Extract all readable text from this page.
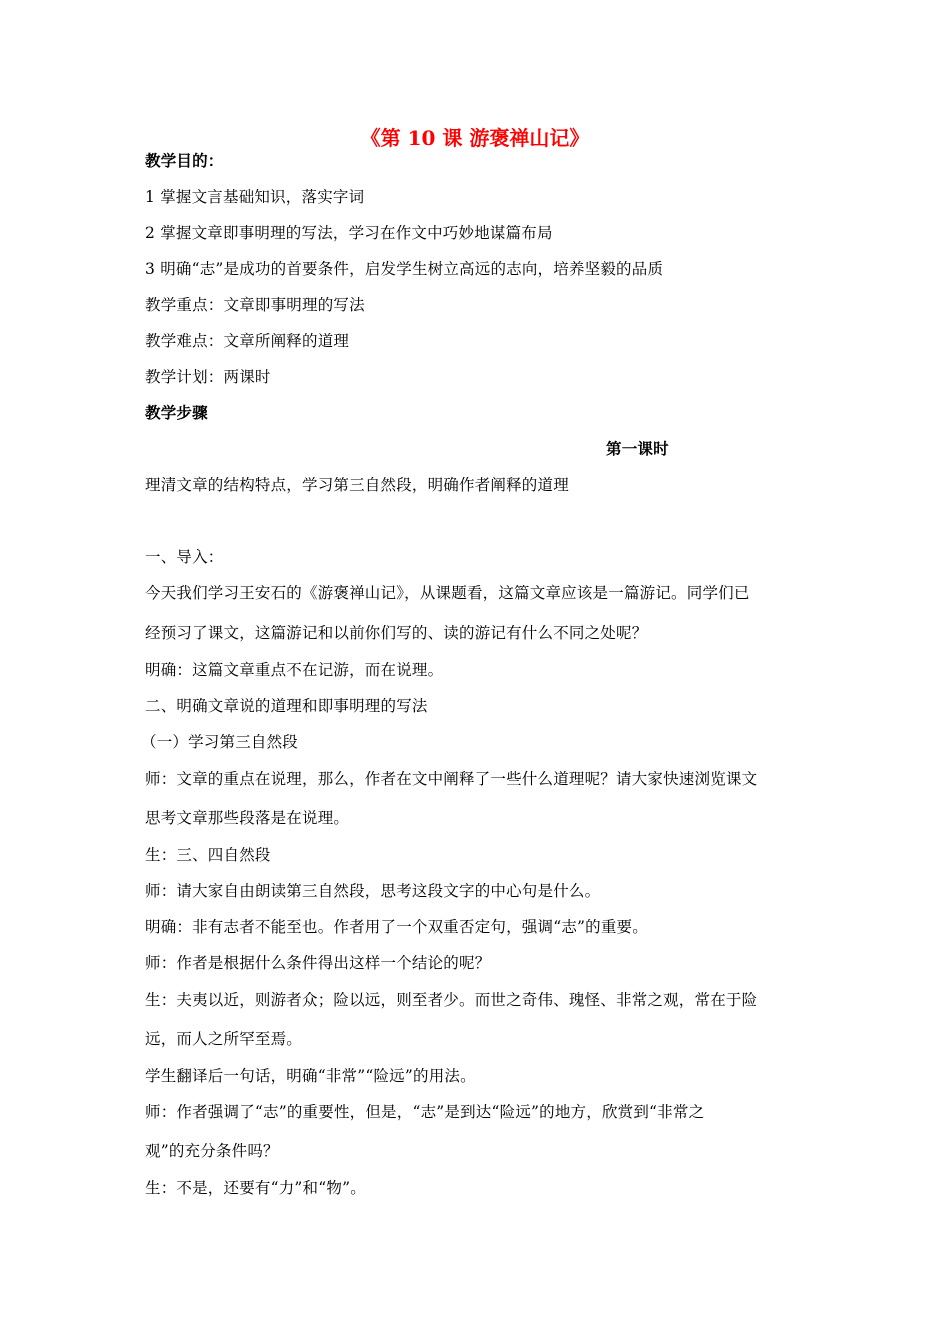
《第 10 课 游褒禅山记》
教学目的：
1 掌握文言基础知识，落实字词
2 掌握文章即事明理的写法，学习在作文中巧妙地谋篇布局
3 明确“志”是成功的首要条件，启发学生树立高远的志向，培养坚毅的品质
教学重点：文章即事明理的写法
教学难点：文章所阐释的道理
教学计划：两课时
教学步骤
第一课时
理清文章的结构特点，学习第三自然段，明确作者阐释的道理
一、导入：
今天我们学习王安石的《游褒禅山记》，从课题看，这篇文章应该是一篇游记。同学们已
经预习了课文，这篇游记和以前你们写的、读的游记有什么不同之处呢？
明确：这篇文章重点不在记游，而在说理。
二、明确文章说的道理和即事明理的写法
（一）学习第三自然段
师：文章的重点在说理，那么，作者在文中阐释了一些什么道理呢？请大家快速浏览课文
思考文章那些段落是在说理。
生：三、四自然段
师：请大家自由朗读第三自然段，思考这段文字的中心句是什么。
明确：非有志者不能至也。作者用了一个双重否定句，强调“志”的重要。
师：作者是根据什么条件得出这样一个结论的呢？
生：夫夷以近，则游者众；险以远，则至者少。而世之奇伟、瑰怪、非常之观，常在于险
远，而人之所罕至焉。
学生翻译后一句话，明确“非常”“险远”的用法。
师：作者强调了“志”的重要性，但是，“志”是到达“险远”的地方，欣赏到“非常之
观”的充分条件吗？
生：不是，还要有“力”和“物”。
